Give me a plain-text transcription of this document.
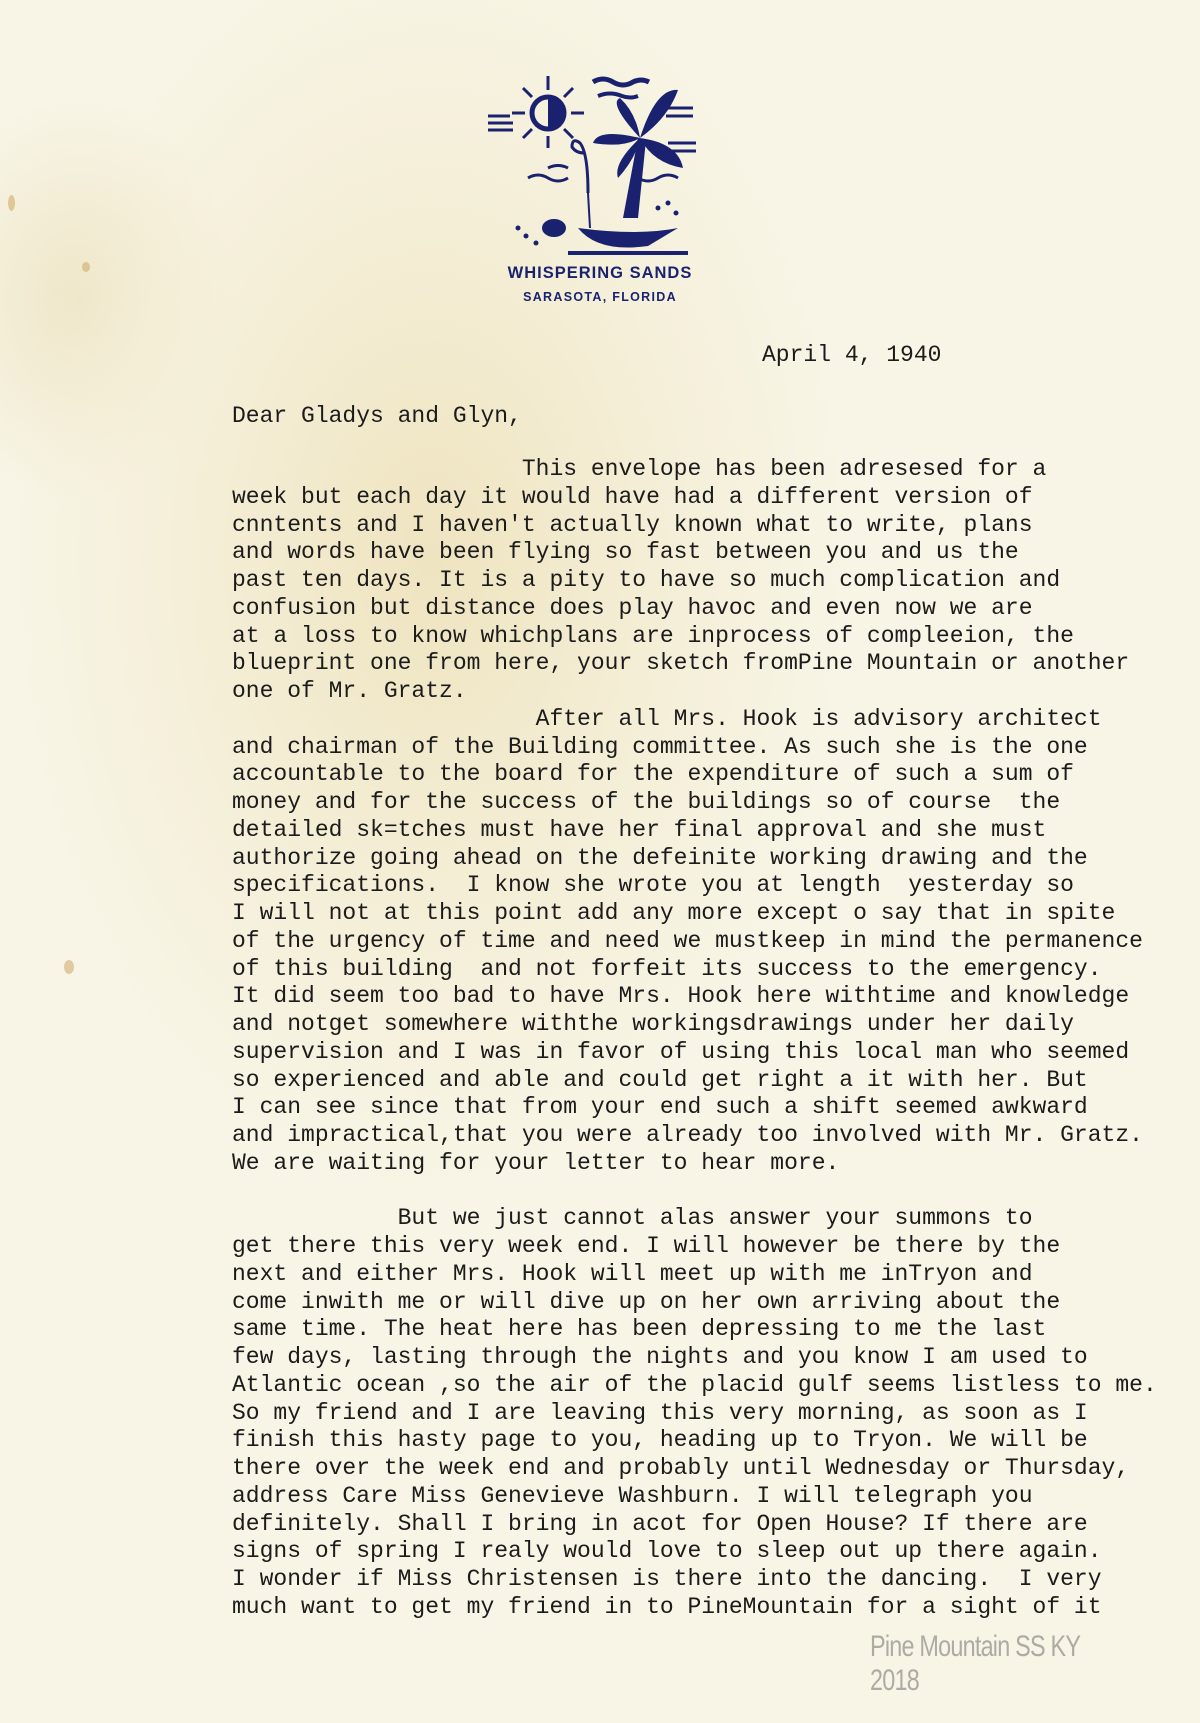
WHISPERING SANDS
SARASOTA, FLORIDA
April 4, 1940
Dear Gladys and Glyn,
This envelope has been adresesed for a
week but each day it would have had a different version of
cnntents and I haven't actually known what to write, plans
and words have been flying so fast between you and us the
past ten days. It is a pity to have so much complication and
confusion but distance does play havoc and even now we are
at a loss to know whichplans are inprocess of compleeion, the
blueprint one from here, your sketch fromPine Mountain or another
one of Mr. Gratz.
After all Mrs. Hook is advisory architect
and chairman of the Building committee. As such she is the one
accountable to the board for the expenditure of such a sum of
money and for the success of the buildings so of course  the
detailed sk=tches must have her final approval and she must
authorize going ahead on the defeinite working drawing and the
specifications.  I know she wrote you at length  yesterday so
I will not at this point add any more except o say that in spite
of the urgency of time and need we mustkeep in mind the permanence
of this building  and not forfeit its success to the emergency.
It did seem too bad to have Mrs. Hook here withtime and knowledge
and notget somewhere withthe workingsdrawings under her daily
supervision and I was in favor of using this local man who seemed
so experienced and able and could get right a it with her. But
I can see since that from your end such a shift seemed awkward
and impractical,that you were already too involved with Mr. Gratz.
We are waiting for your letter to hear more.
But we just cannot alas answer your summons to
get there this very week end. I will however be there by the
next and either Mrs. Hook will meet up with me inTryon and
come inwith me or will dive up on her own arriving about the
same time. The heat here has been depressing to me the last
few days, lasting through the nights and you know I am used to
Atlantic ocean ,so the air of the placid gulf seems listless to me.
So my friend and I are leaving this very morning, as soon as I
finish this hasty page to you, heading up to Tryon. We will be
there over the week end and probably until Wednesday or Thursday,
address Care Miss Genevieve Washburn. I will telegraph you
definitely. Shall I bring in acot for Open House? If there are
signs of spring I realy would love to sleep out up there again.
I wonder if Miss Christensen is there into the dancing.  I very
much want to get my friend in to PineMountain for a sight of it
Pine Mountain SS KY 2018
